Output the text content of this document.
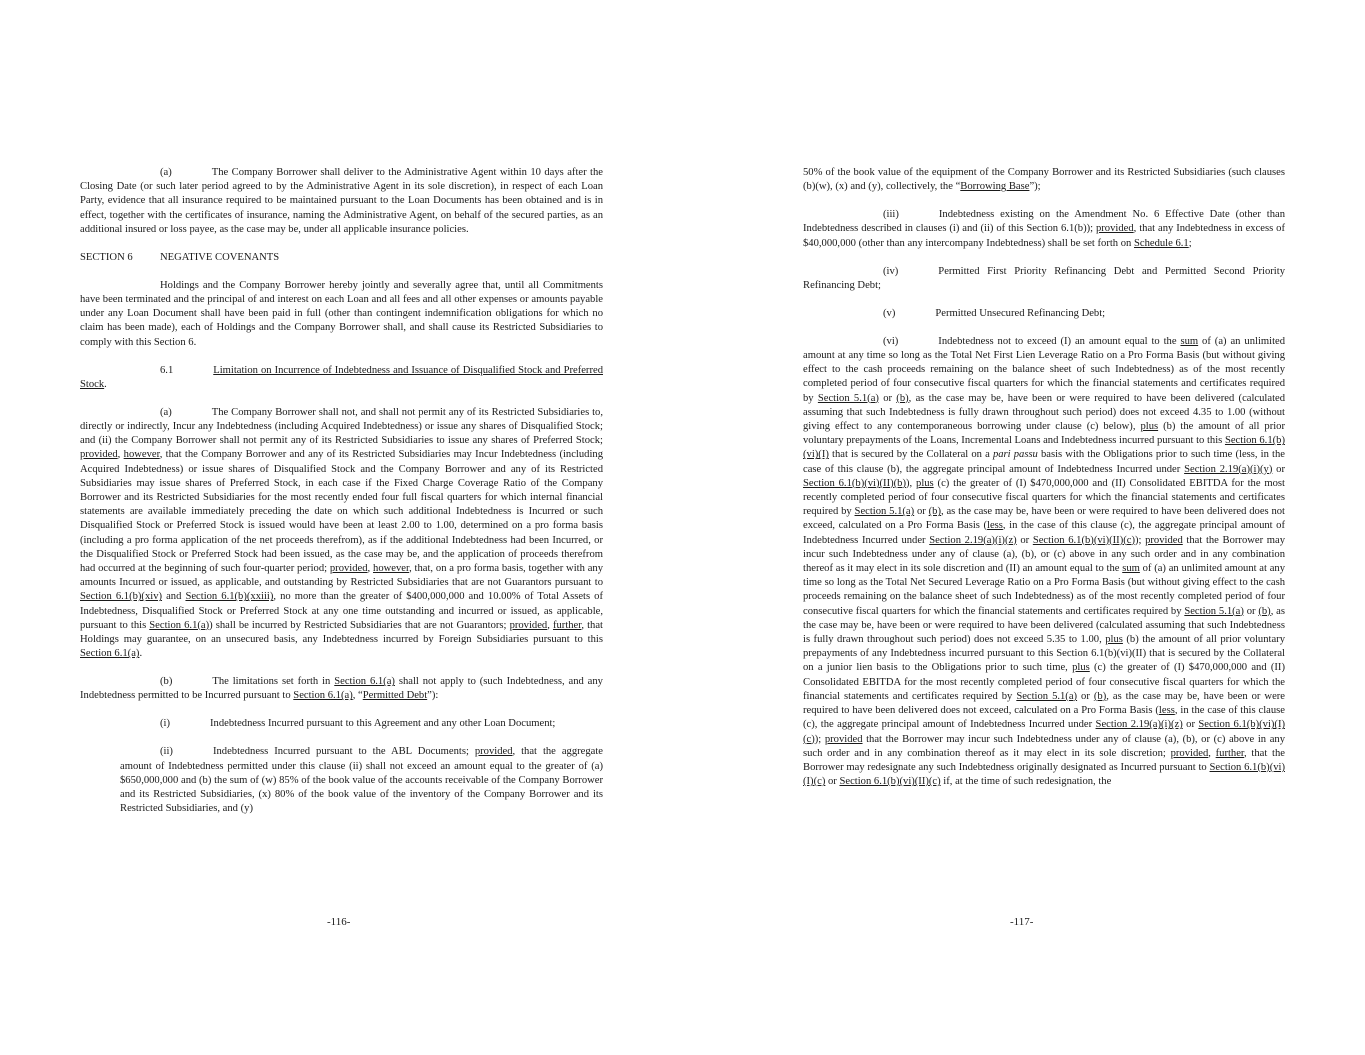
(a)	The Company Borrower shall deliver to the Administrative Agent within 10 days after the Closing Date (or such later period agreed to by the Administrative Agent in its sole discretion), in respect of each Loan Party, evidence that all insurance required to be maintained pursuant to the Loan Documents has been obtained and is in effect, together with the certificates of insurance, naming the Administrative Agent, on behalf of the secured parties, as an additional insured or loss payee, as the case may be, under all applicable insurance policies.

SECTION 6	NEGATIVE COVENANTS

Holdings and the Company Borrower hereby jointly and severally agree that, until all Commitments have been terminated and the principal of and interest on each Loan and all fees and all other expenses or amounts payable under any Loan Document shall have been paid in full (other than contingent indemnification obligations for which no claim has been made), each of Holdings and the Company Borrower shall, and shall cause its Restricted Subsidiaries to comply with this Section 6.

6.1	Limitation on Incurrence of Indebtedness and Issuance of Disqualified Stock and Preferred Stock.

(a)	The Company Borrower shall not, and shall not permit any of its Restricted Subsidiaries to, directly or indirectly, Incur any Indebtedness (including Acquired Indebtedness) or issue any shares of Disqualified Stock; and (ii) the Company Borrower shall not permit any of its Restricted Subsidiaries to issue any shares of Preferred Stock; provided, however, that the Company Borrower and any of its Restricted Subsidiaries may Incur Indebtedness (including Acquired Indebtedness) or issue shares of Disqualified Stock and the Company Borrower and any of its Restricted Subsidiaries may issue shares of Preferred Stock, in each case if the Fixed Charge Coverage Ratio of the Company Borrower and its Restricted Subsidiaries for the most recently ended four full fiscal quarters for which internal financial statements are available immediately preceding the date on which such additional Indebtedness is Incurred or such Disqualified Stock or Preferred Stock is issued would have been at least 2.00 to 1.00, determined on a pro forma basis (including a pro forma application of the net proceeds therefrom), as if the additional Indebtedness had been Incurred, or the Disqualified Stock or Preferred Stock had been issued, as the case may be, and the application of proceeds therefrom had occurred at the beginning of such four-quarter period; provided, however, that, on a pro forma basis, together with any amounts Incurred or issued, as applicable, and outstanding by Restricted Subsidiaries that are not Guarantors pursuant to Section 6.1(b)(xiv) and Section 6.1(b)(xxiii), no more than the greater of $400,000,000 and 10.00% of Total Assets of Indebtedness, Disqualified Stock or Preferred Stock at any one time outstanding and incurred or issued, as applicable, pursuant to this Section 6.1(a)) shall be incurred by Restricted Subsidiaries that are not Guarantors; provided, further, that Holdings may guarantee, on an unsecured basis, any Indebtedness incurred by Foreign Subsidiaries pursuant to this Section 6.1(a).

(b)	The limitations set forth in Section 6.1(a) shall not apply to (such Indebtedness, and any Indebtedness permitted to be Incurred pursuant to Section 6.1(a), “Permitted Debt”):

(i)	Indebtedness Incurred pursuant to this Agreement and any other Loan Document;

(ii)	Indebtedness Incurred pursuant to the ABL Documents; provided, that the aggregate amount of Indebtedness permitted under this clause (ii) shall not exceed an amount equal to the greater of (a) $650,000,000 and (b) the sum of (w) 85% of the book value of the accounts receivable of the Company Borrower and its Restricted Subsidiaries, (x) 80% of the book value of the inventory of the Company Borrower and its Restricted Subsidiaries, and (y)

-116-

50% of the book value of the equipment of the Company Borrower and its Restricted Subsidiaries (such clauses (b)(w), (x) and (y), collectively, the “Borrowing Base”);

(iii)	Indebtedness existing on the Amendment No. 6 Effective Date (other than Indebtedness described in clauses (i) and (ii) of this Section 6.1(b)); provided, that any Indebtedness in excess of $40,000,000 (other than any intercompany Indebtedness) shall be set forth on Schedule 6.1;

(iv)	Permitted First Priority Refinancing Debt and Permitted Second Priority Refinancing Debt;

(v)	Permitted Unsecured Refinancing Debt;

(vi)	Indebtedness not to exceed (I) an amount equal to the sum of (a) an unlimited amount at any time so long as the Total Net First Lien Leverage Ratio on a Pro Forma Basis (but without giving effect to the cash proceeds remaining on the balance sheet of such Indebtedness) as of the most recently completed period of four consecutive fiscal quarters for which the financial statements and certificates required by Section 5.1(a) or (b), as the case may be, have been or were required to have been delivered (calculated assuming that such Indebtedness is fully drawn throughout such period) does not exceed 4.35 to 1.00 (without giving effect to any contemporaneous borrowing under clause (c) below), plus (b) the amount of all prior voluntary prepayments of the Loans, Incremental Loans and Indebtedness incurred pursuant to this Section 6.1(b)(vi)(I) that is secured by the Collateral on a pari passu basis with the Obligations prior to such time (less, in the case of this clause (b), the aggregate principal amount of Indebtedness Incurred under Section 2.19(a)(i)(y) or Section 6.1(b)(vi)(II)(b)), plus (c) the greater of (I) $470,000,000 and (II) Consolidated EBITDA for the most recently completed period of four consecutive fiscal quarters for which the financial statements and certificates required by Section 5.1(a) or (b), as the case may be, have been or were required to have been delivered does not exceed, calculated on a Pro Forma Basis (less, in the case of this clause (c), the aggregate principal amount of Indebtedness Incurred under Section 2.19(a)(i)(z) or Section 6.1(b)(vi)(II)(c)); provided that the Borrower may incur such Indebtedness under any of clause (a), (b), or (c) above in any such order and in any combination thereof as it may elect in its sole discretion and (II) an amount equal to the sum of (a) an unlimited amount at any time so long as the Total Net Secured Leverage Ratio on a Pro Forma Basis (but without giving effect to the cash proceeds remaining on the balance sheet of such Indebtedness) as of the most recently completed period of four consecutive fiscal quarters for which the financial statements and certificates required by Section 5.1(a) or (b), as the case may be, have been or were required to have been delivered (calculated assuming that such Indebtedness is fully drawn throughout such period) does not exceed 5.35 to 1.00, plus (b) the amount of all prior voluntary prepayments of any Indebtedness incurred pursuant to this Section 6.1(b)(vi)(II) that is secured by the Collateral on a junior lien basis to the Obligations prior to such time, plus (c) the greater of (I) $470,000,000 and (II) Consolidated EBITDA for the most recently completed period of four consecutive fiscal quarters for which the financial statements and certificates required by Section 5.1(a) or (b), as the case may be, have been or were required to have been delivered does not exceed, calculated on a Pro Forma Basis (less, in the case of this clause (c), the aggregate principal amount of Indebtedness Incurred under Section 2.19(a)(i)(z) or Section 6.1(b)(vi)(I)(c)); provided that the Borrower may incur such Indebtedness under any of clause (a), (b), or (c) above in any such order and in any combination thereof as it may elect in its sole discretion; provided, further, that the Borrower may redesignate any such Indebtedness originally designated as Incurred pursuant to Section 6.1(b)(vi)(I)(c) or Section 6.1(b)(vi)(II)(c) if, at the time of such redesignation, the

-117-
